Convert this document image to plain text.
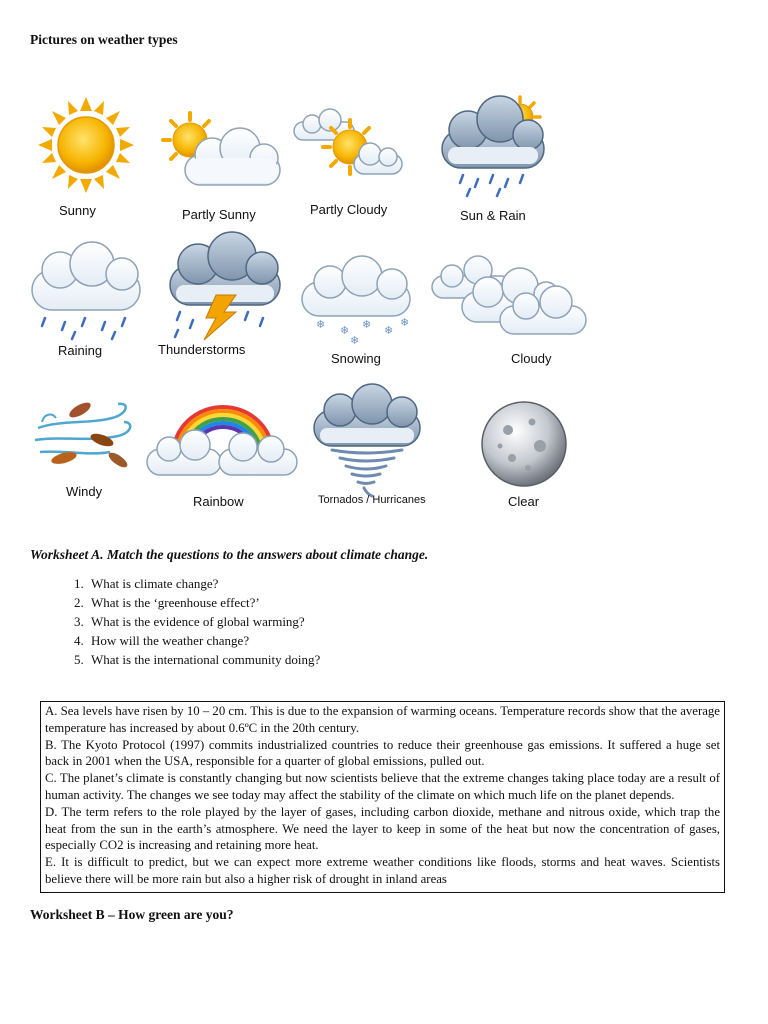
Pictures on weather types
Sunny	Partly Sunny	Partly Cloudy	Sun & Rain
Raining	Thunderstorms
❄ ❄ ❄ ❄
❄
❄
Snowing	Cloudy
Windy
Rainbow	Tornados / Hurricanes	Clear
Worksheet A. Match the questions to the answers about climate change.
1. What is climate change?
2. What is the ‘greenhouse effect?’
3. What is the evidence of global warming?
4. How will the weather change?
5. What is the international community doing?

A. Sea levels have risen by 10 – 20 cm. This is due to the expansion of warming oceans. Temperature records show that the average temperature has increased by about 0.6ºC in the 20th century.

B. The Kyoto Protocol (1997) commits industrialized countries to reduce their greenhouse gas emissions. It suffered a huge set back in 2001 when the USA, responsible for a quarter of global emissions, pulled out.

C. The planet’s climate is constantly changing but now scientists believe that the extreme changes taking place today are a result of human activity. The changes we see today may affect the stability of the climate on which much life on the planet depends.

D. The term refers to the role played by the layer of gases, including carbon dioxide, methane and nitrous oxide, which trap the heat from the sun in the earth’s atmosphere. We need the layer to keep in some of the heat but now the concentration of gases, especially CO2 is increasing and retaining more heat.

E. It is difficult to predict, but we can expect more extreme weather conditions like floods, storms and heat waves. Scientists believe there will be more rain but also a higher risk of drought in inland areas

Worksheet B – How green are you?
